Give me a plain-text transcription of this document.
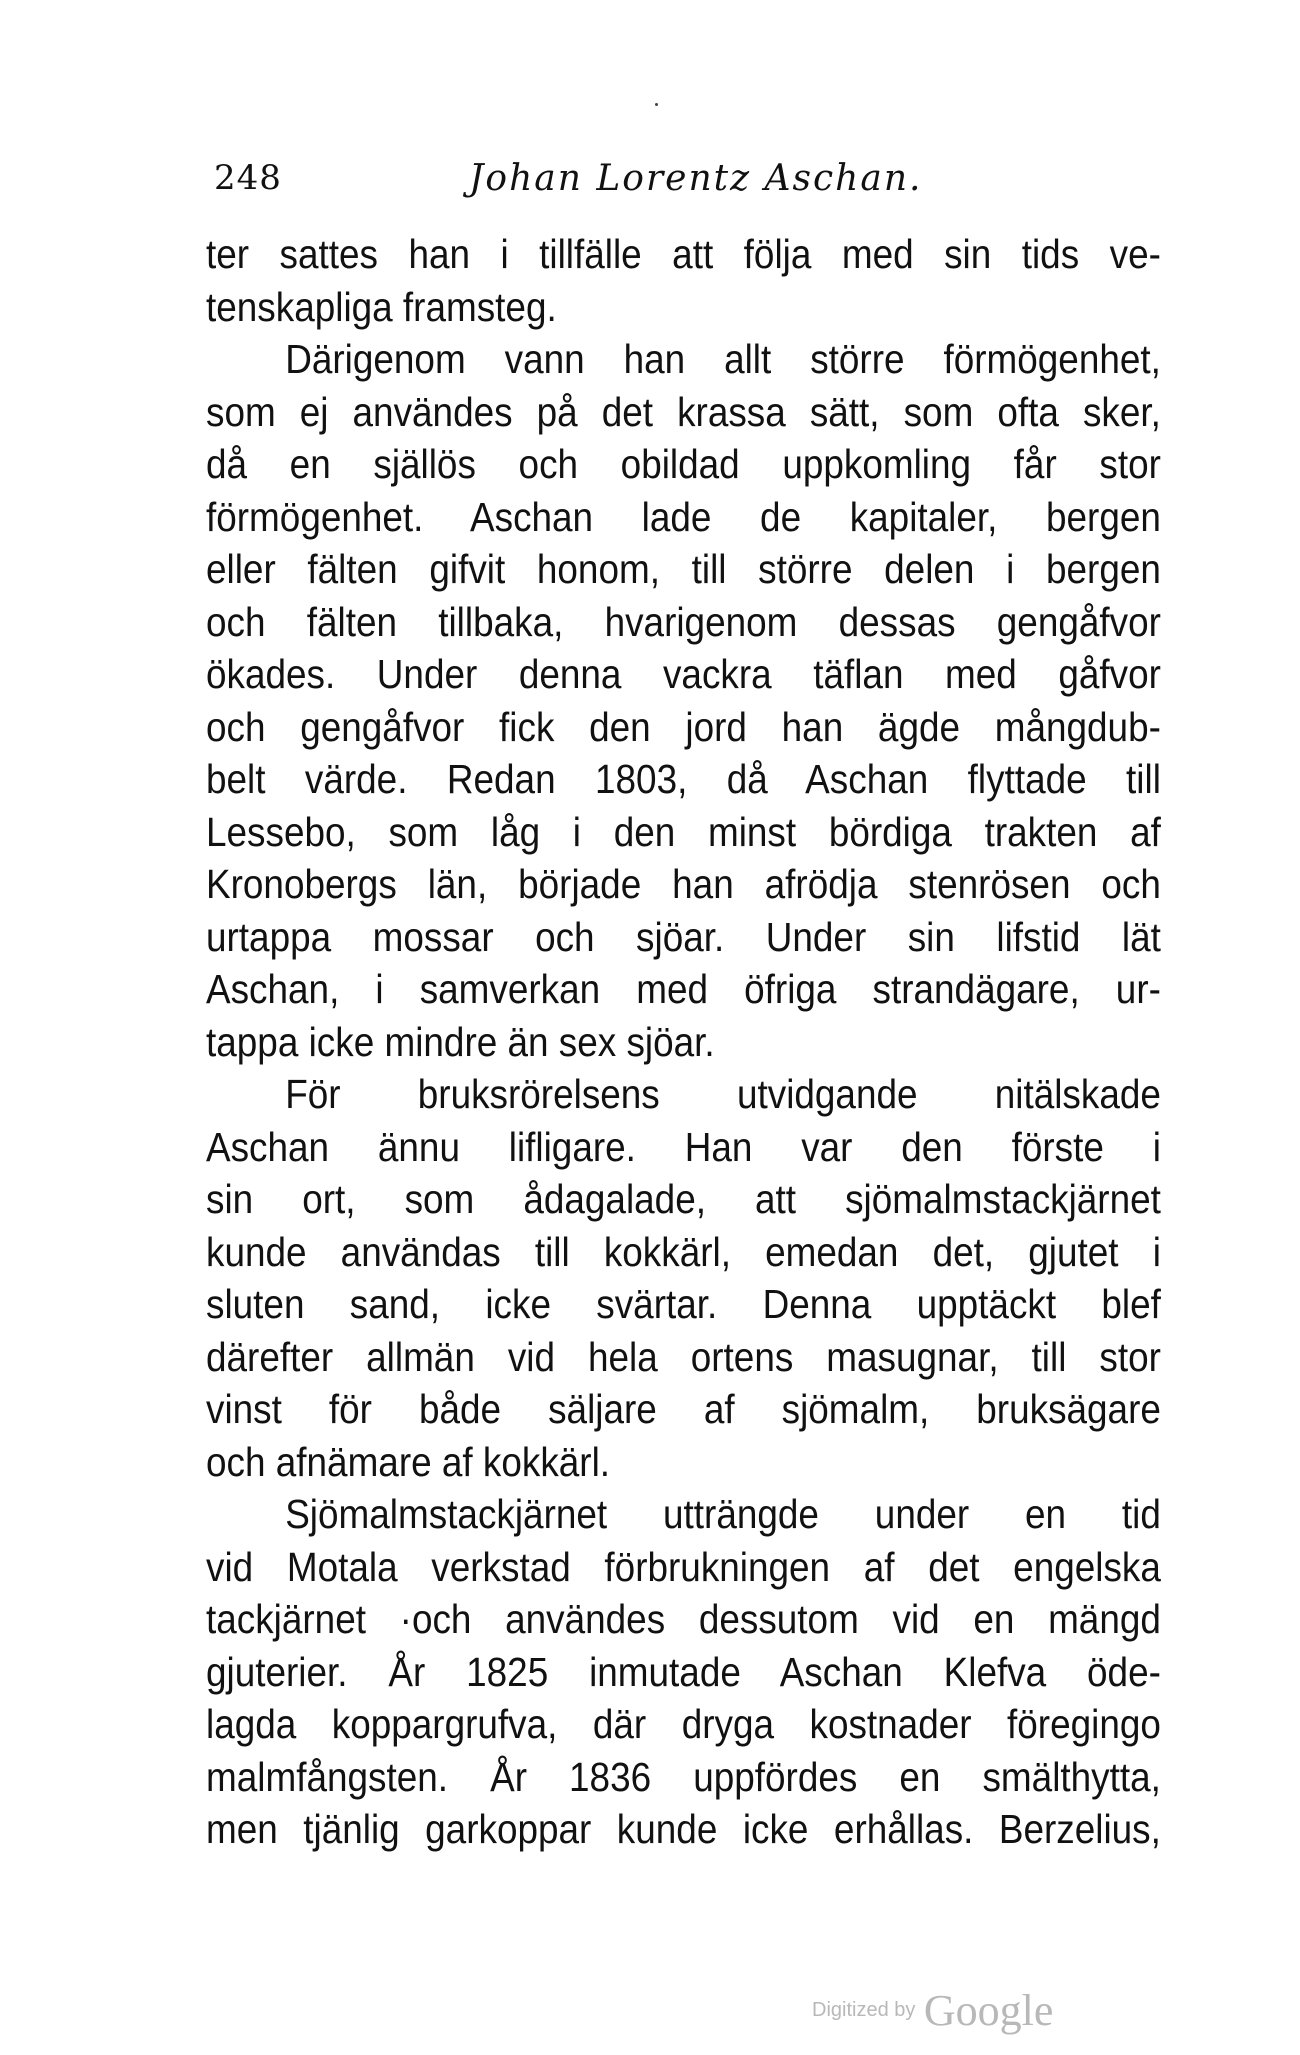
248	Johan Lorentz Aschan.
ter sattes han i tillfälle att följa med sin tids ve-
tenskapliga framsteg.
Därigenom vann han allt större förmögenhet,
som ej användes på det krassa sätt, som ofta sker,
då en själlös och obildad uppkomling får stor
förmögenhet. Aschan lade de kapitaler, bergen
eller fälten gifvit honom, till större delen i bergen
och fälten tillbaka, hvarigenom dessas gengåfvor
ökades. Under denna vackra täflan med gåfvor
och gengåfvor fick den jord han ägde mångdub-
belt värde. Redan 1803, då Aschan flyttade till
Lessebo, som låg i den minst bördiga trakten af
Kronobergs län, började han afrödja stenrösen och
urtappa mossar och sjöar. Under sin lifstid lät
Aschan, i samverkan med öfriga strandägare, ur-
tappa icke mindre än sex sjöar.
För bruksrörelsens utvidgande nitälskade
Aschan ännu lifligare. Han var den förste i
sin ort, som ådagalade, att sjömalmstackjärnet
kunde användas till kokkärl, emedan det, gjutet i
sluten sand, icke svärtar. Denna upptäckt blef
därefter allmän vid hela ortens masugnar, till stor
vinst för både säljare af sjömalm, bruksägare
och afnämare af kokkärl.
Sjömalmstackjärnet utträngde under en tid
vid Motala verkstad förbrukningen af det engelska
tackjärnet ·och användes dessutom vid en mängd
gjuterier. År 1825 inmutade Aschan Klefva öde-
lagda koppargrufva, där dryga kostnader föregingo
malmfångsten. År 1836 uppfördes en smälthytta,
men tjänlig garkoppar kunde icke erhållas. Berzelius,
Digitized by Google
